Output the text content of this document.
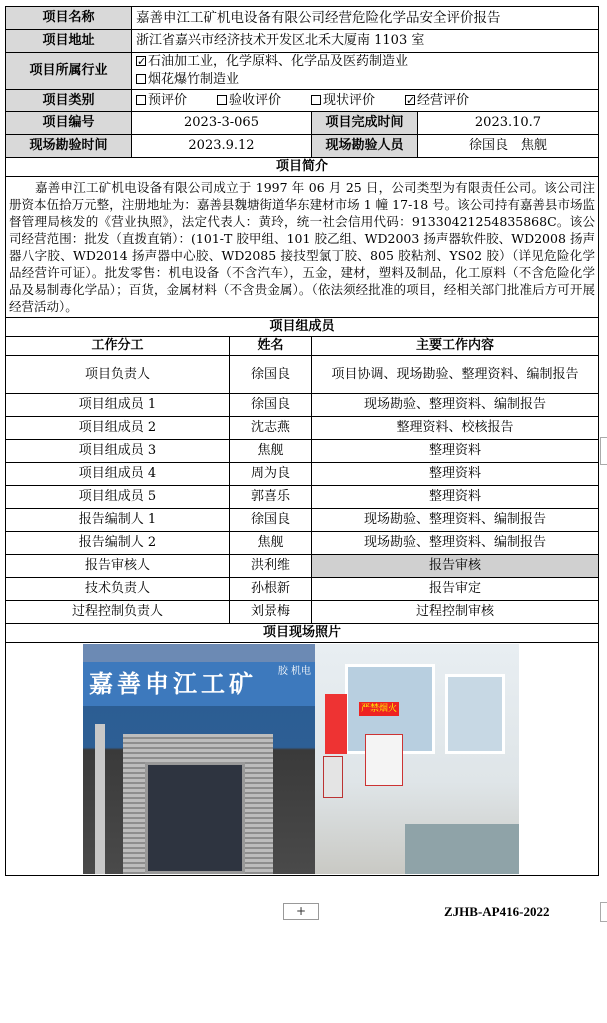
项目名称	嘉善申江工矿机电设备有限公司经营危险化学品安全评价报告			
项目地址	浙江省嘉兴市经济技术开发区北禾大厦南 1103 室			
项目所属行业	
✓石油加工业，化学原料、化学品及医药制造业
烟花爆竹制造业

项目类别	预评价 验收评价 现状评价 ✓ 经营评价
项目编号	2023-3-065		项目完成时间	2023.10.7
现场勘验时间	2023.9.12		现场勘验人员	徐国良　焦舰
项目简介				
嘉善申江工矿机电设备有限公司成立于 1997 年 06 月 25 日，公司类型为有限责任公司。该公司注册资本伍拾万元整，注册地址为：嘉善县魏塘街道华东建材市场 1 幢 17-18 号。该公司持有嘉善县市场监督管理局核发的《营业执照》，法定代表人：黄玲，统一社会信用代码：91330421254835868C。该公司经营范围：批发（直拨直销）：(101-T 胶甲组、101 胶乙组、WD2003 扬声器软件胶、WD2008 扬声器八字胶、WD2014 扬声器中心胶、WD2085 接技型氯丁胶、805 胶粘剂、YS02 胶）（详见危险化学品经营许可证）。批发零售：机电设备（不含汽车），五金，建材，塑料及制品，化工原料（不含危险化学品及易制毒化学品）；百货，金属材料（不含贵金属）。（依法须经批准的项目，经相关部门批准后方可开展经营活动）。				
项目组成员				
工作分工		姓名	主要工作内容	
项目负责人		徐国良	项目协调、现场勘验、整理资料、编制报告	
项目组成员 1		徐国良	现场勘验、整理资料、编制报告	
项目组成员 2		沈志燕	整理资料、校核报告	
项目组成员 3		焦舰	整理资料	
项目组成员 4		周为良	整理资料	
项目组成员 5		郭喜乐	整理资料	
报告编制人 1		徐国良	现场勘验、整理资料、编制报告	
报告编制人 2		焦舰	现场勘验、整理资料、编制报告	
报告审核人		洪利维	报告审核	
技术负责人		孙根新	报告审定	
过程控制负责人		刘景梅	过程控制审核	
项目现场照片				

嘉善申江工矿 胶 机电
严禁烟火				
+	ZJHB-AP416-2022
